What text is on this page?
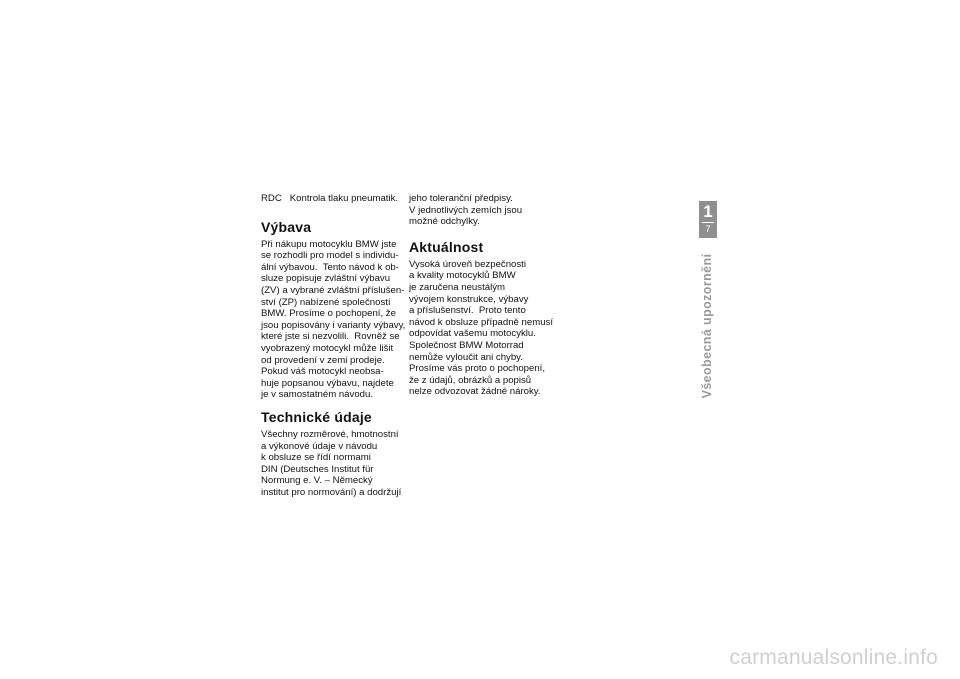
RDC   Kontrola tlaku pneumatik.
Výbava
Při nákupu motocyklu BMW jste
se rozhodli pro model s individu-
ální výbavou.  Tento návod k ob-
sluze popisuje zvláštní výbavu
(ZV) a vybrané zvláštní příslušen-
ství (ZP) nabízené společností
BMW. Prosíme o pochopení, že
jsou popisovány i varianty výbavy,
které jste si nezvolili.  Rovněž se
vyobrazený motocykl může lišit
od provedení v zemi prodeje.
Pokud váš motocykl neobsa-
huje popsanou výbavu, najdete
je v samostatném návodu.
Technické údaje
Všechny rozměrové, hmotnostní
a výkonové údaje v návodu
k obsluze se řídí normami
DIN (Deutsches Institut für
Normung e. V. – Německý
institut pro normování) a dodržují
jeho toleranční předpisy.
V jednotlivých zemích jsou
možné odchylky.
Aktuálnost
Vysoká úroveň bezpečnosti
a kvality motocyklů BMW
je zaručena neustálým
vývojem konstrukce, výbavy
a příslušenství.  Proto tento
návod k obsluze případně nemusí
odpovídat vašemu motocyklu.
Společnost BMW Motorrad
nemůže vyloučit ani chyby.
Prosíme vás proto o pochopení,
že z údajů, obrázků a popisů
nelze odvozovat žádné nároky.
1
7
Všeobecná upozornění
carmanualsonline.info
